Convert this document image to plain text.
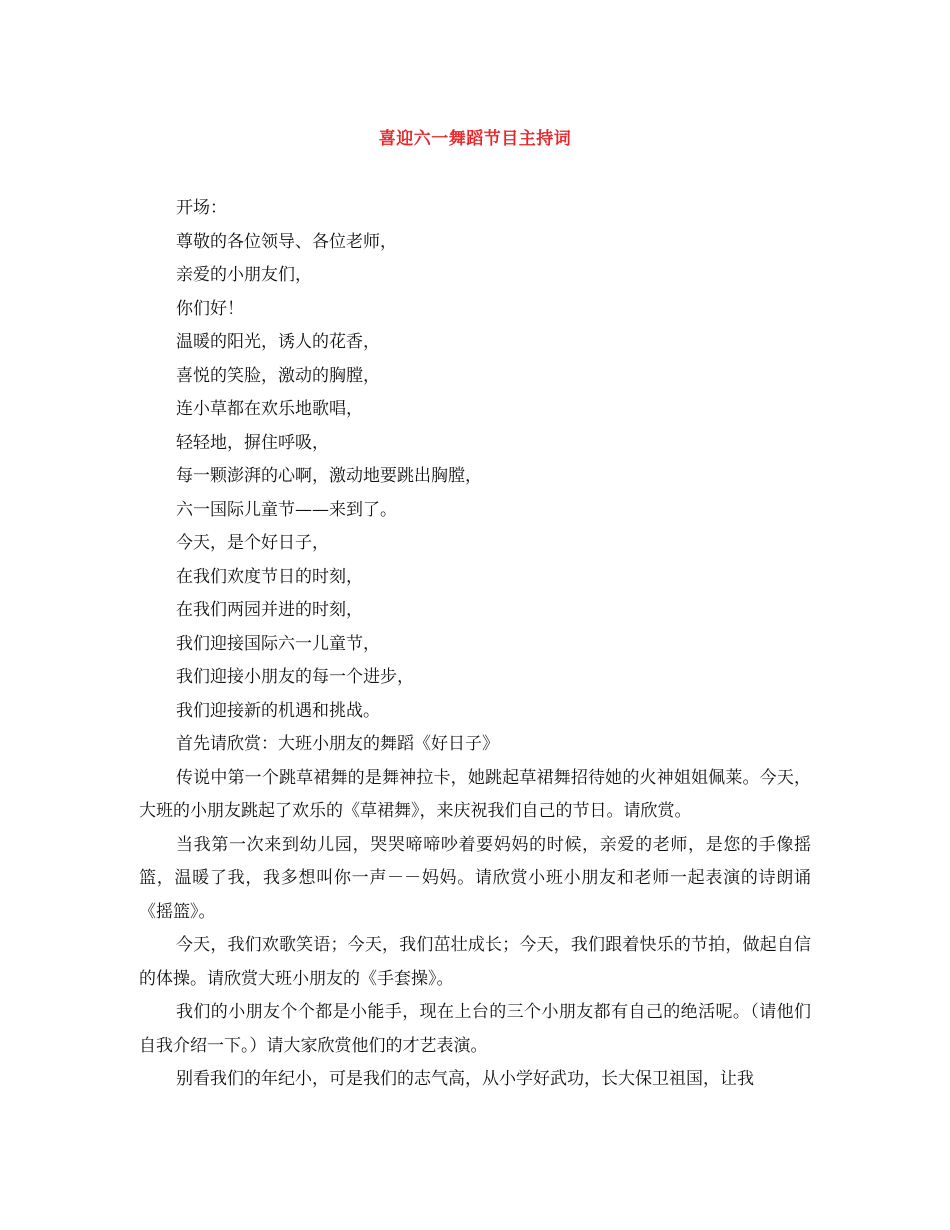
喜迎六一舞蹈节目主持词
开场：
尊敬的各位领导、各位老师，
亲爱的小朋友们，
你们好！
温暖的阳光，诱人的花香，
喜悦的笑脸，激动的胸膛，
连小草都在欢乐地歌唱，
轻轻地，摒住呼吸，
每一颗澎湃的心啊，激动地要跳出胸膛，
六一国际儿童节——来到了。
今天，是个好日子，
在我们欢度节日的时刻，
在我们两园并进的时刻，
我们迎接国际六一儿童节，
我们迎接小朋友的每一个进步，
我们迎接新的机遇和挑战。
首先请欣赏：大班小朋友的舞蹈《好日子》
传说中第一个跳草裙舞的是舞神拉卡，她跳起草裙舞招待她的火神姐姐佩莱。今天，大班的小朋友跳起了欢乐的《草裙舞》，来庆祝我们自己的节日。请欣赏。
当我第一次来到幼儿园，哭哭啼啼吵着要妈妈的时候，亲爱的老师，是您的手像摇篮，温暖了我，我多想叫你一声－－妈妈。请欣赏小班小朋友和老师一起表演的诗朗诵《摇篮》。
今天，我们欢歌笑语；今天，我们茁壮成长；今天，我们跟着快乐的节拍，做起自信的体操。请欣赏大班小朋友的《手套操》。
我们的小朋友个个都是小能手，现在上台的三个小朋友都有自己的绝活呢。（请他们自我介绍一下。）请大家欣赏他们的才艺表演。
别看我们的年纪小，可是我们的志气高，从小学好武功，长大保卫祖国，让我
